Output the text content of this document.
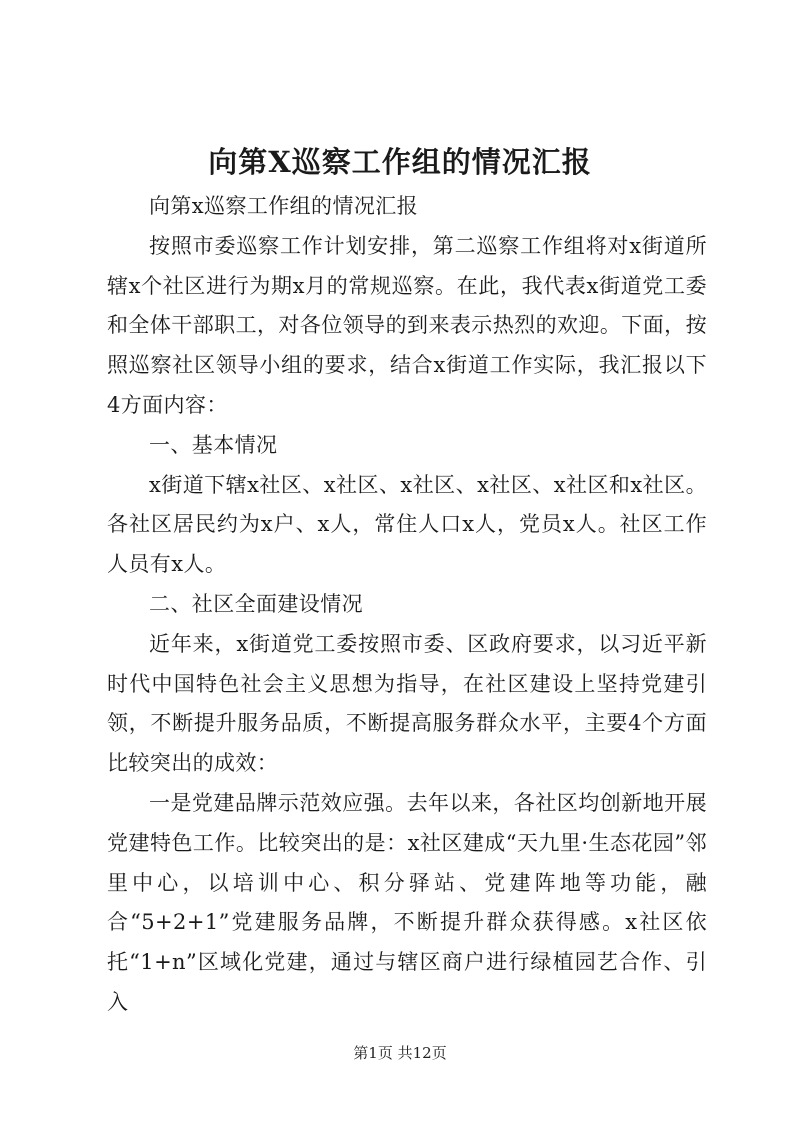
向第X巡察工作组的情况汇报

向第x巡察工作组的情况汇报

按照市委巡察工作计划安排，第二巡察工作组将对x街道所辖x个社区进行为期x月的常规巡察。在此，我代表x街道党工委和全体干部职工，对各位领导的到来表示热烈的欢迎。下面，按照巡察社区领导小组的要求，结合x街道工作实际，我汇报以下4方面内容：

一、基本情况

x街道下辖x社区、x社区、x社区、x社区、x社区和x社区。各社区居民约为x户、x人，常住人口x人，党员x人。社区工作人员有x人。

二、社区全面建设情况

近年来，x街道党工委按照市委、区政府要求，以习近平新时代中国特色社会主义思想为指导，在社区建设上坚持党建引领，不断提升服务品质，不断提高服务群众水平，主要4个方面比较突出的成效：

一是党建品牌示范效应强。去年以来，各社区均创新地开展党建特色工作。比较突出的是：x社区建成“天九里·生态花园”邻里中心，以培训中心、积分驿站、党建阵地等功能，融合“5+2+1”党建服务品牌，不断提升群众获得感。x社区依托“1+n”区域化党建，通过与辖区商户进行绿植园艺合作、引入

第1页 共12页
